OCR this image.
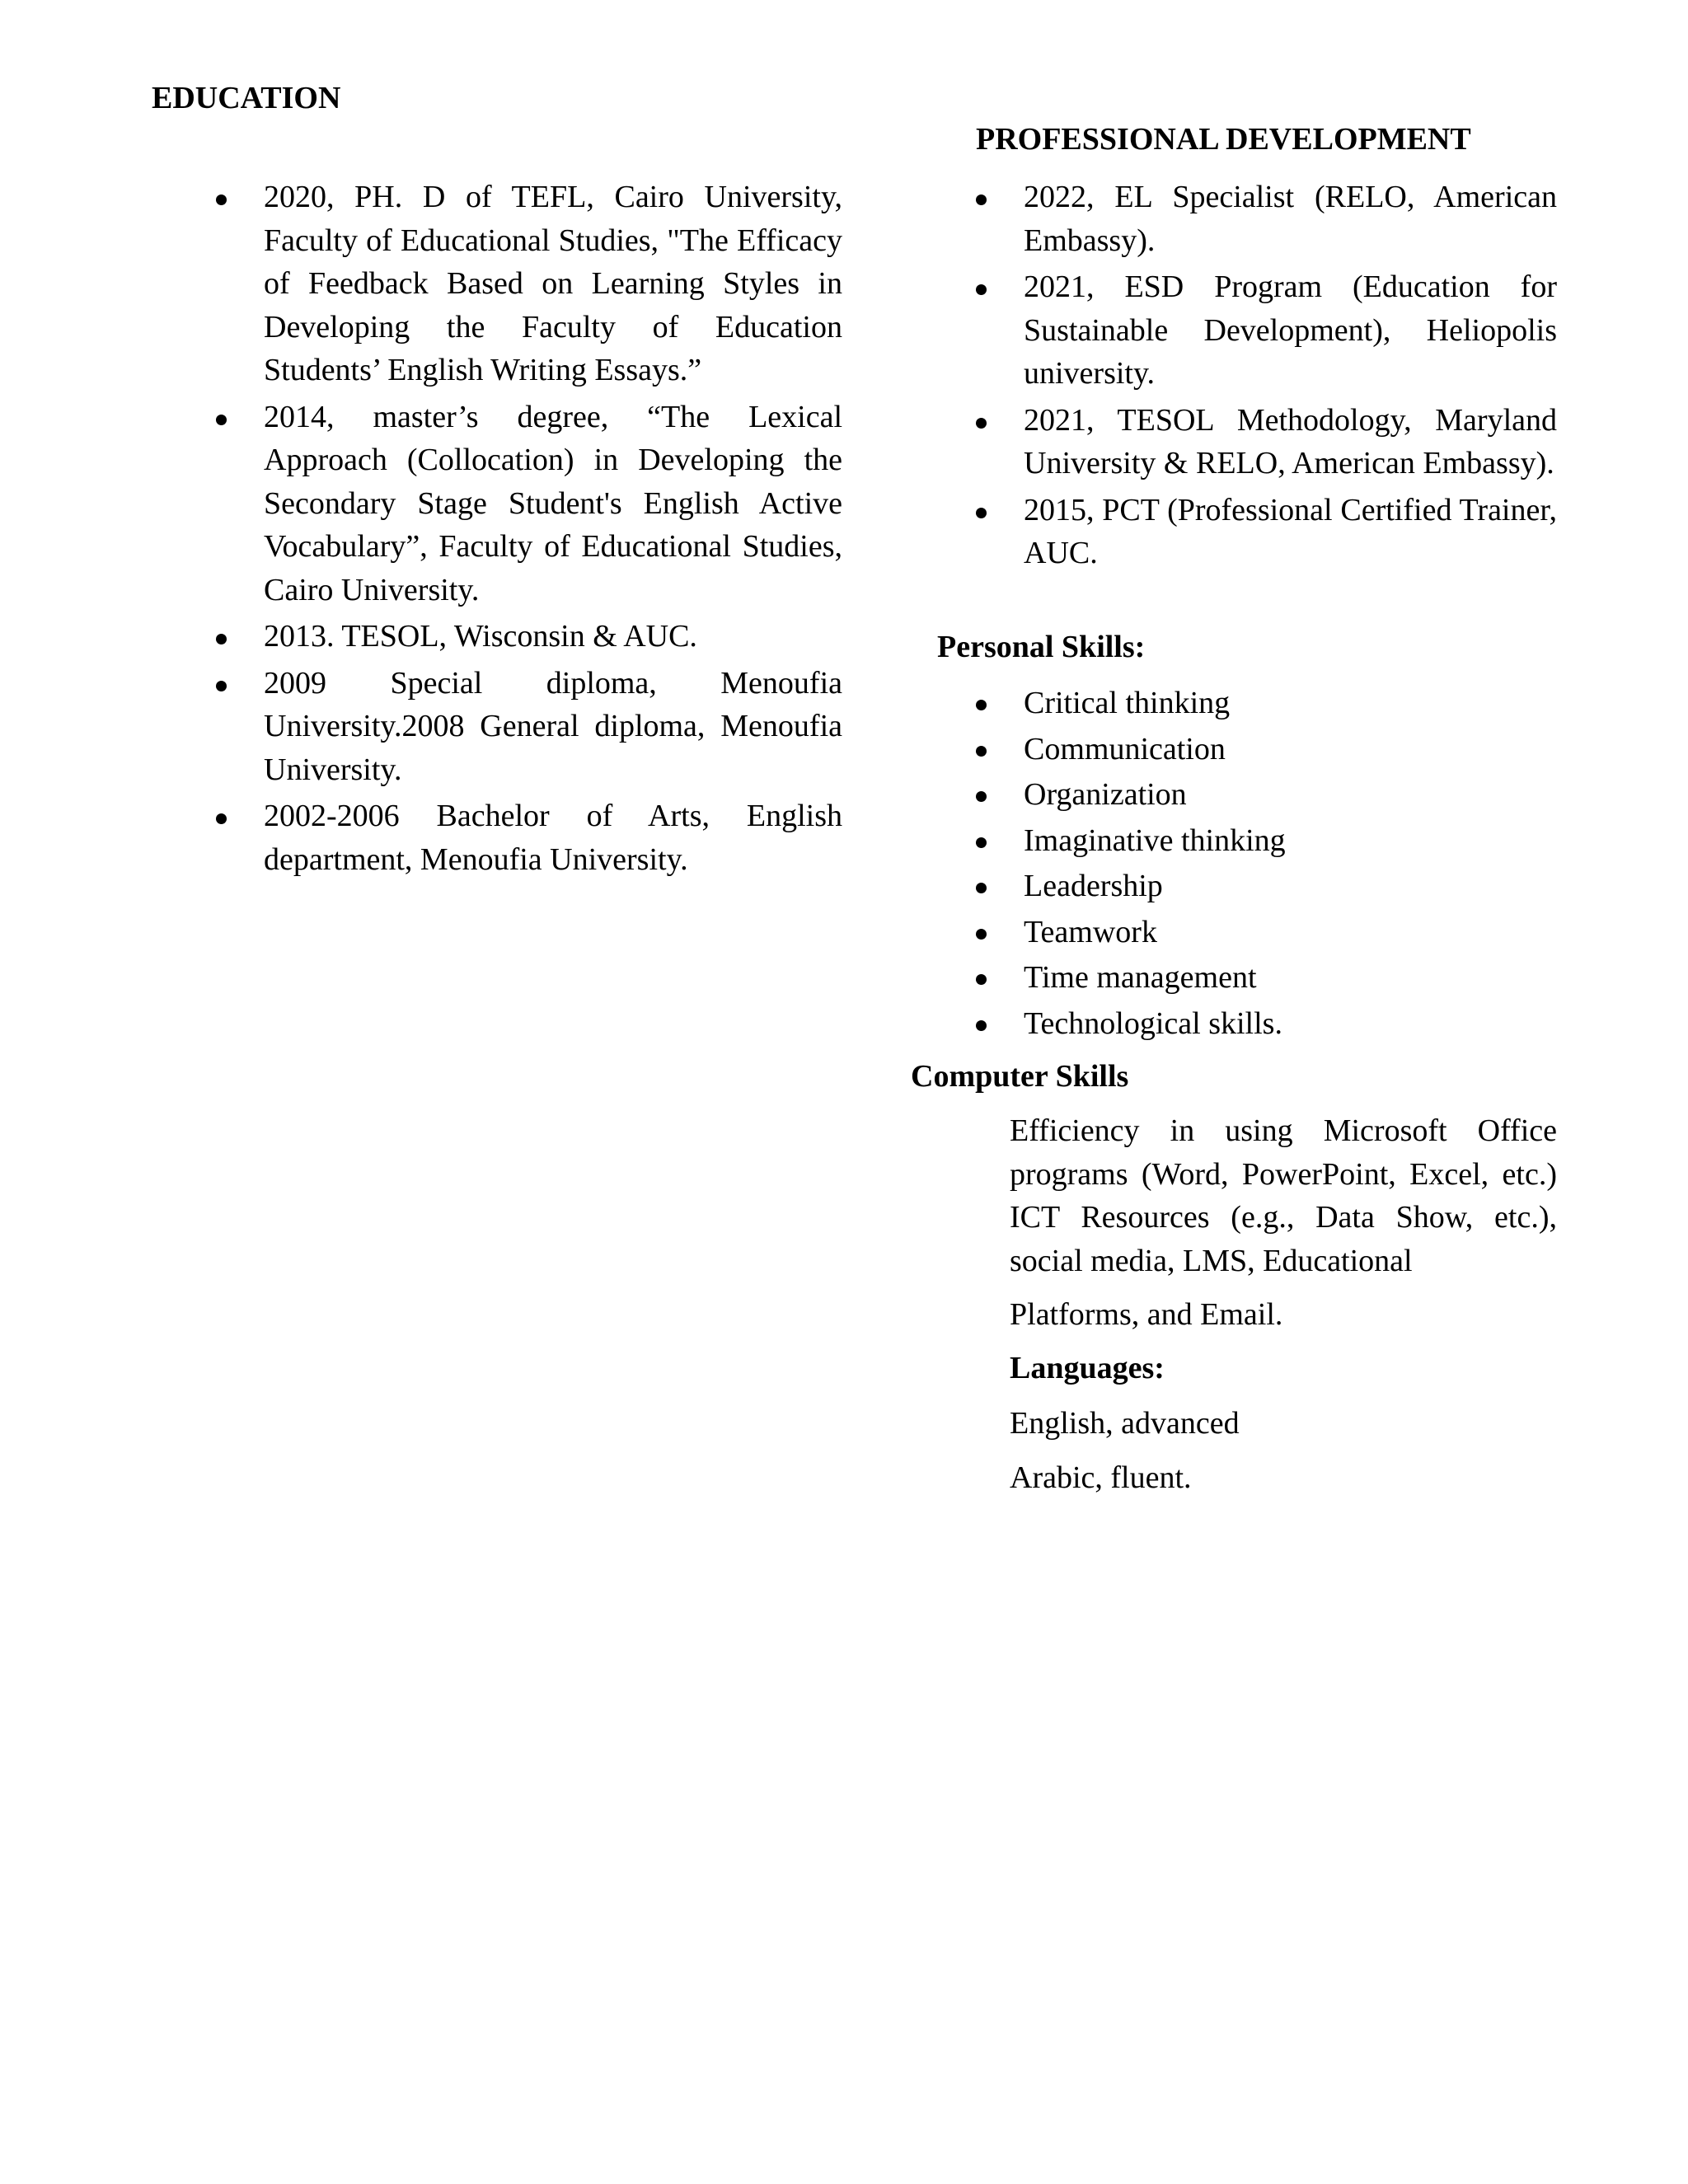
EDUCATION
2020, PH. D of TEFL, Cairo University, Faculty of Educational Studies, "The Efficacy of Feedback Based on Learning Styles in Developing the Faculty of Education Students’ English Writing Essays.”
2014, master’s degree, “The Lexical Approach (Collocation) in Developing the Secondary Stage Student's English Active Vocabulary”, Faculty of Educational Studies, Cairo University.
2013. TESOL, Wisconsin & AUC.
2009 Special diploma, Menoufia University.2008 General diploma, Menoufia University.
2002-2006 Bachelor of Arts, English department, Menoufia University.
PROFESSIONAL DEVELOPMENT
2022, EL Specialist (RELO, American Embassy).
2021, ESD Program (Education for Sustainable Development), Heliopolis university.
2021, TESOL Methodology, Maryland University & RELO, American Embassy).
2015, PCT (Professional Certified Trainer, AUC.
Personal Skills:
Critical thinking
Communication
Organization
Imaginative thinking
Leadership
Teamwork
Time management
Technological skills.
Computer Skills

Efficiency in using Microsoft Office programs (Word, PowerPoint, Excel, etc.) ICT Resources (e.g., Data Show, etc.), social media, LMS, Educational

Platforms, and Email.

Languages:

English, advanced

Arabic, fluent.
